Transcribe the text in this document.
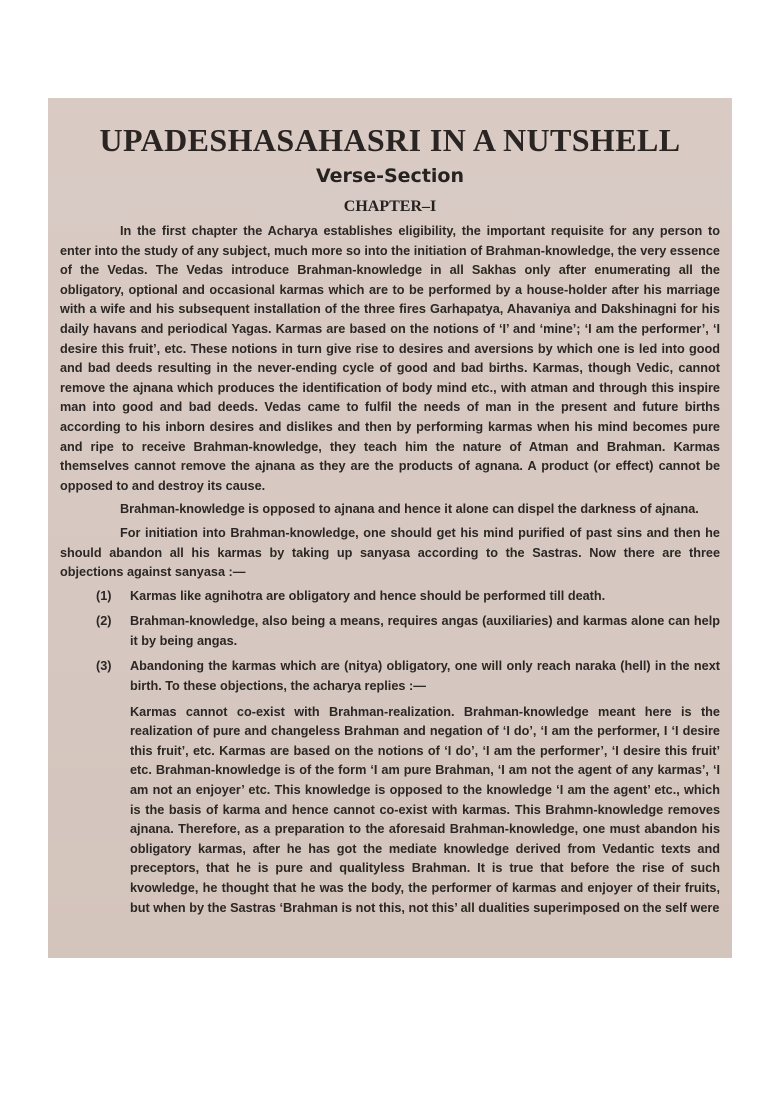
UPADESHASAHASRI IN A NUTSHELL
Verse-Section
CHAPTER–I

In the first chapter the Acharya establishes eligibility, the important requisite for any person to enter into the study of any subject, much more so into the initiation of Brahman-knowledge, the very essence of the Vedas. The Vedas introduce Brahman-knowledge in all Sakhas only after enumerating all the obligatory, optional and occasional karmas which are to be performed by a house-holder after his marriage with a wife and his subsequent installation of the three fires Garhapatya, Ahavaniya and Dakshinagni for his daily havans and periodical Yagas. Karmas are based on the notions of ‘I’ and ‘mine’; ‘I am the performer’, ‘I desire this fruit’, etc. These notions in turn give rise to desires and aversions by which one is led into good and bad deeds resulting in the never-ending cycle of good and bad births. Karmas, though Vedic, cannot remove the ajnana which produces the identification of body mind etc., with atman and through this inspire man into good and bad deeds. Vedas came to fulfil the needs of man in the present and future births according to his inborn desires and dislikes and then by performing karmas when his mind becomes pure and ripe to receive Brahman-knowledge, they teach him the nature of Atman and Brahman. Karmas themselves cannot remove the ajnana as they are the products of agnana. A product (or effect) cannot be opposed to and destroy its cause.

Brahman-knowledge is opposed to ajnana and hence it alone can dispel the darkness of ajnana.

For initiation into Brahman-knowledge, one should get his mind purified of past sins and then he should abandon all his karmas by taking up sanyasa according to the Sastras. Now there are three objections against sanyasa :—

(1) Karmas like agnihotra are obligatory and hence should be performed till death.
(2) Brahman-knowledge, also being a means, requires angas (auxiliaries) and karmas alone can help it by being angas.
(3) Abandoning the karmas which are (nitya) obligatory, one will only reach naraka (hell) in the next birth. To these objections, the acharya replies :—

Karmas cannot co-exist with Brahman-realization. Brahman-knowledge meant here is the realization of pure and changeless Brahman and negation of ‘I do’, ‘I am the performer, I ‘I desire this fruit’, etc. Karmas are based on the notions of ‘I do’, ‘I am the performer’, ‘I desire this fruit’ etc. Brahman-knowledge is of the form ‘I am pure Brahman, ‘I am not the agent of any karmas’, ‘I am not an enjoyer’ etc. This knowledge is opposed to the knowledge ‘I am the agent’ etc., which is the basis of karma and hence cannot co-exist with karmas. This Brahmn-knowledge removes ajnana. Therefore, as a preparation to the aforesaid Brahman-knowledge, one must abandon his obligatory karmas, after he has got the mediate knowledge derived from Vedantic texts and preceptors, that he is pure and qualityless Brahman. It is true that before the rise of such kvowledge, he thought that he was the body, the performer of karmas and enjoyer of their fruits, but when by the Sastras ‘Brahman is not this, not this’ all dualities superimposed on the self were
